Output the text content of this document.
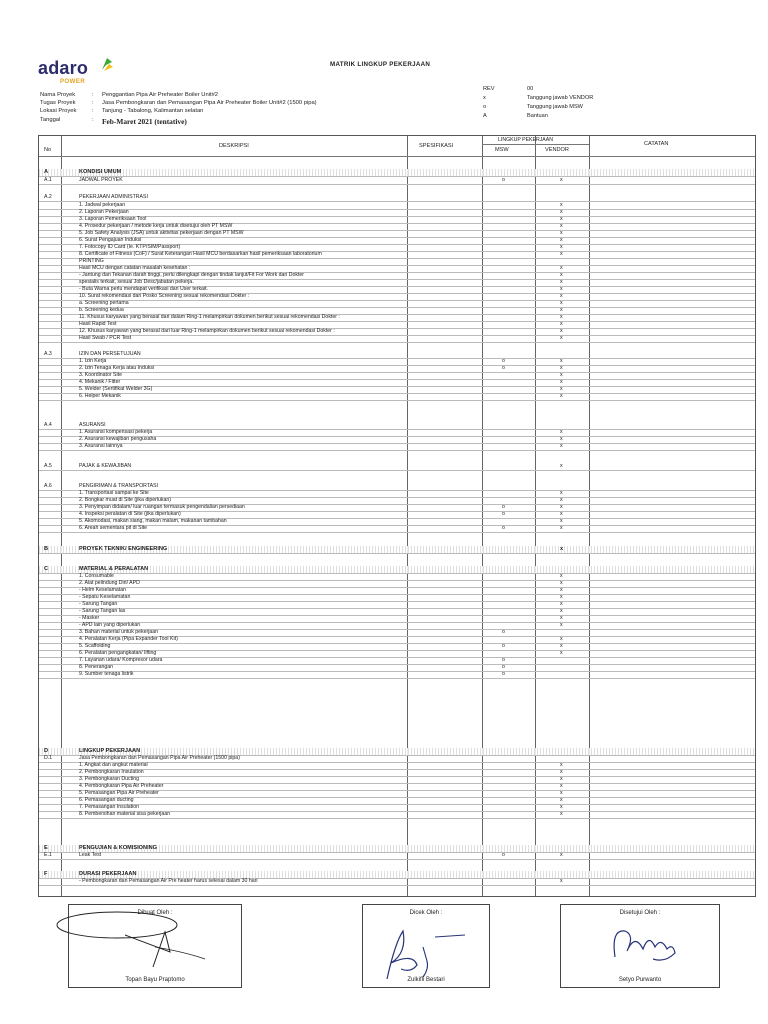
adaro
POWER
MATRIK LINGKUP PEKERJAAN
Nama Proyek	:	Penggantian Pipa Air Preheater Boiler Unit#2
Tugas Proyek	:	Jasa Pembongkaran dan Pemasangan Pipa Air Preheater Boiler Unit#2 (1500 pipa)
Lokasi Proyek	:	Tanjung - Tabalong, Kalimantan selatan
Tanggal	:	Feb-Maret 2021 (tentative)
REV	00
x	Tanggung jawab VENDOR
o	Tanggung jawab MSW
A	Bantuan
No
DESKRIPSI	SPESIFIKASI
LINGKUP PEKERJAAN
MSW	VENDOR
CATATAN
A	KONDISI UMUM
A.1	JADWAL PROYEK	o	x
A.2	PEKERJAAN ADMINISTRASI
1. Jadwal pekerjaan	x
2. Laporan Pekerjaan	x
3. Laporan Pemeriksaan Tool	x
4. Prosedur pekerjaan / metode kerja untuk disetujui oleh PT MSW	x
5. Job Safety Analysis (JSA) untuk aktivitas pekerjaan dengan PT MSW	x
6. Surat Pengajuan Induksi	x
7. Fotocopy ID Card (Ie. KTP/SIM/Passport)	x
8. Certificate of Fitness (CoF) / Surat Keterangan Hasil MCU berdasarkan hasil pemeriksaan laboratorium	x
PRINTING
Hasil MCU dengan catatan masalah kesehatan :	x
- Jantung dan Tekanan darah tinggi, perlu dilengkapi dengan tindak lanjut/Fit For Work dari Dokter	x
spesialis terkait, sesuai Job Desc/jabatan pekerja.	x
- Buta Warna perlu mendapat verifikasi dari User terkait.	x
10. Surat rekomendasi dari Posko Screening sesuai rekomendasi Dokter :	x
a. Screening pertama	x
b. Screening kedua	x
11. Khusus karyawan yang berasal dari dalam Ring-1 melampirkan dokumen berikut sesuai rekomendasi Dokter :	x
Hasil Rapid Test	x
12. Khusus karyawan yang berasal dari luar Ring-1 melampirkan dokumen berikut sesuai rekomendasi Dokter :	x
Hasil Swab / PCR Test	x
A.3	IZIN DAN PERSETUJUAN
1. Izin Kerja	o	x
2. Izin Tenaga Kerja atau Induksi	o	x
3. Koordinator Site	x
4. Mekanik / Fitter	x
5. Welder (Sertifikat Welder 3G)	x
6. Helper Mekanik	x
A.4	ASURANSI
1. Asuransi kompensasi pekerja	x
2. Asuransi kewajiban pengusaha	x
3. Asuransi lainnya	x
A.5	PAJAK & KEWAJIBAN	x
A.6	PENGIRIMAN & TRANSPORTASI
1. Transportasi sampai ke Site	x
2. Bongkar muat di Site (jika diperlukan)	x
3. Penyimpan didalam/ luar ruangan termasuk pengendalian persediaan	o	x
4. Inspeksi peralatan di Site (jika diperlukan)	o	x
5. Akomodasi, makan siang, makan malam, makanan tambahan	x
6. Areah sementara pit di Site	o	x
B	PROYEK TEKNIK/ ENGINEERING	x
C	MATERIAL & PERALATAN
1. Consumable	x
2. Alat pelindung Diri/ APD	x
- Helm Keselamatan	x
- Sepatu Keselamatan	x
- Sarung Tangan	x
- Sarung Tangan las	x
- Masker	x
- APD lain yang diperlukan	x
3. Bahan material untuk pekerjaan	o
4. Peralatan Kerja (Pipa Expander Tool Kit)	x
5. Scaffolding	o	x
6. Peralatan pengangkatan/ lifting	x
7. Layanan udara/ Kompresor udara	o
8. Penerangan	o
9. Sumber tenaga listrik	o
D	LINGKUP PEKERJAAN
D.1	Jasa Pembongkaran dan Pemasangan Pipa Air Preheater (1500 pipa)
1. Angkat dan angkut material	x
2. Pembongkaran Insulation	x
3. Pembongkaran Ducting	x
4. Pembongkaran Pipa Air Preheater	x
5. Pemasangan Pipa Air Preheater	x
6. Pemasangan ducting	x
7. Pemasangan Insulation	x
8. Pembersihan material sisa pekerjaan	x
E	PENGUJIAN & KOMISIONING
E.1	Leak Test	o	x
F	DURASI PEKERJAAN
- Pembongkaran dan Pemasangan Air Pre heater harus selesai dalam 30 hari	x
Dibuat Oleh :
Topan Bayu Praptomo
Dicek Oleh :
Zulkifli Bestari
Disetujui Oleh :
Setyo Purwanto
